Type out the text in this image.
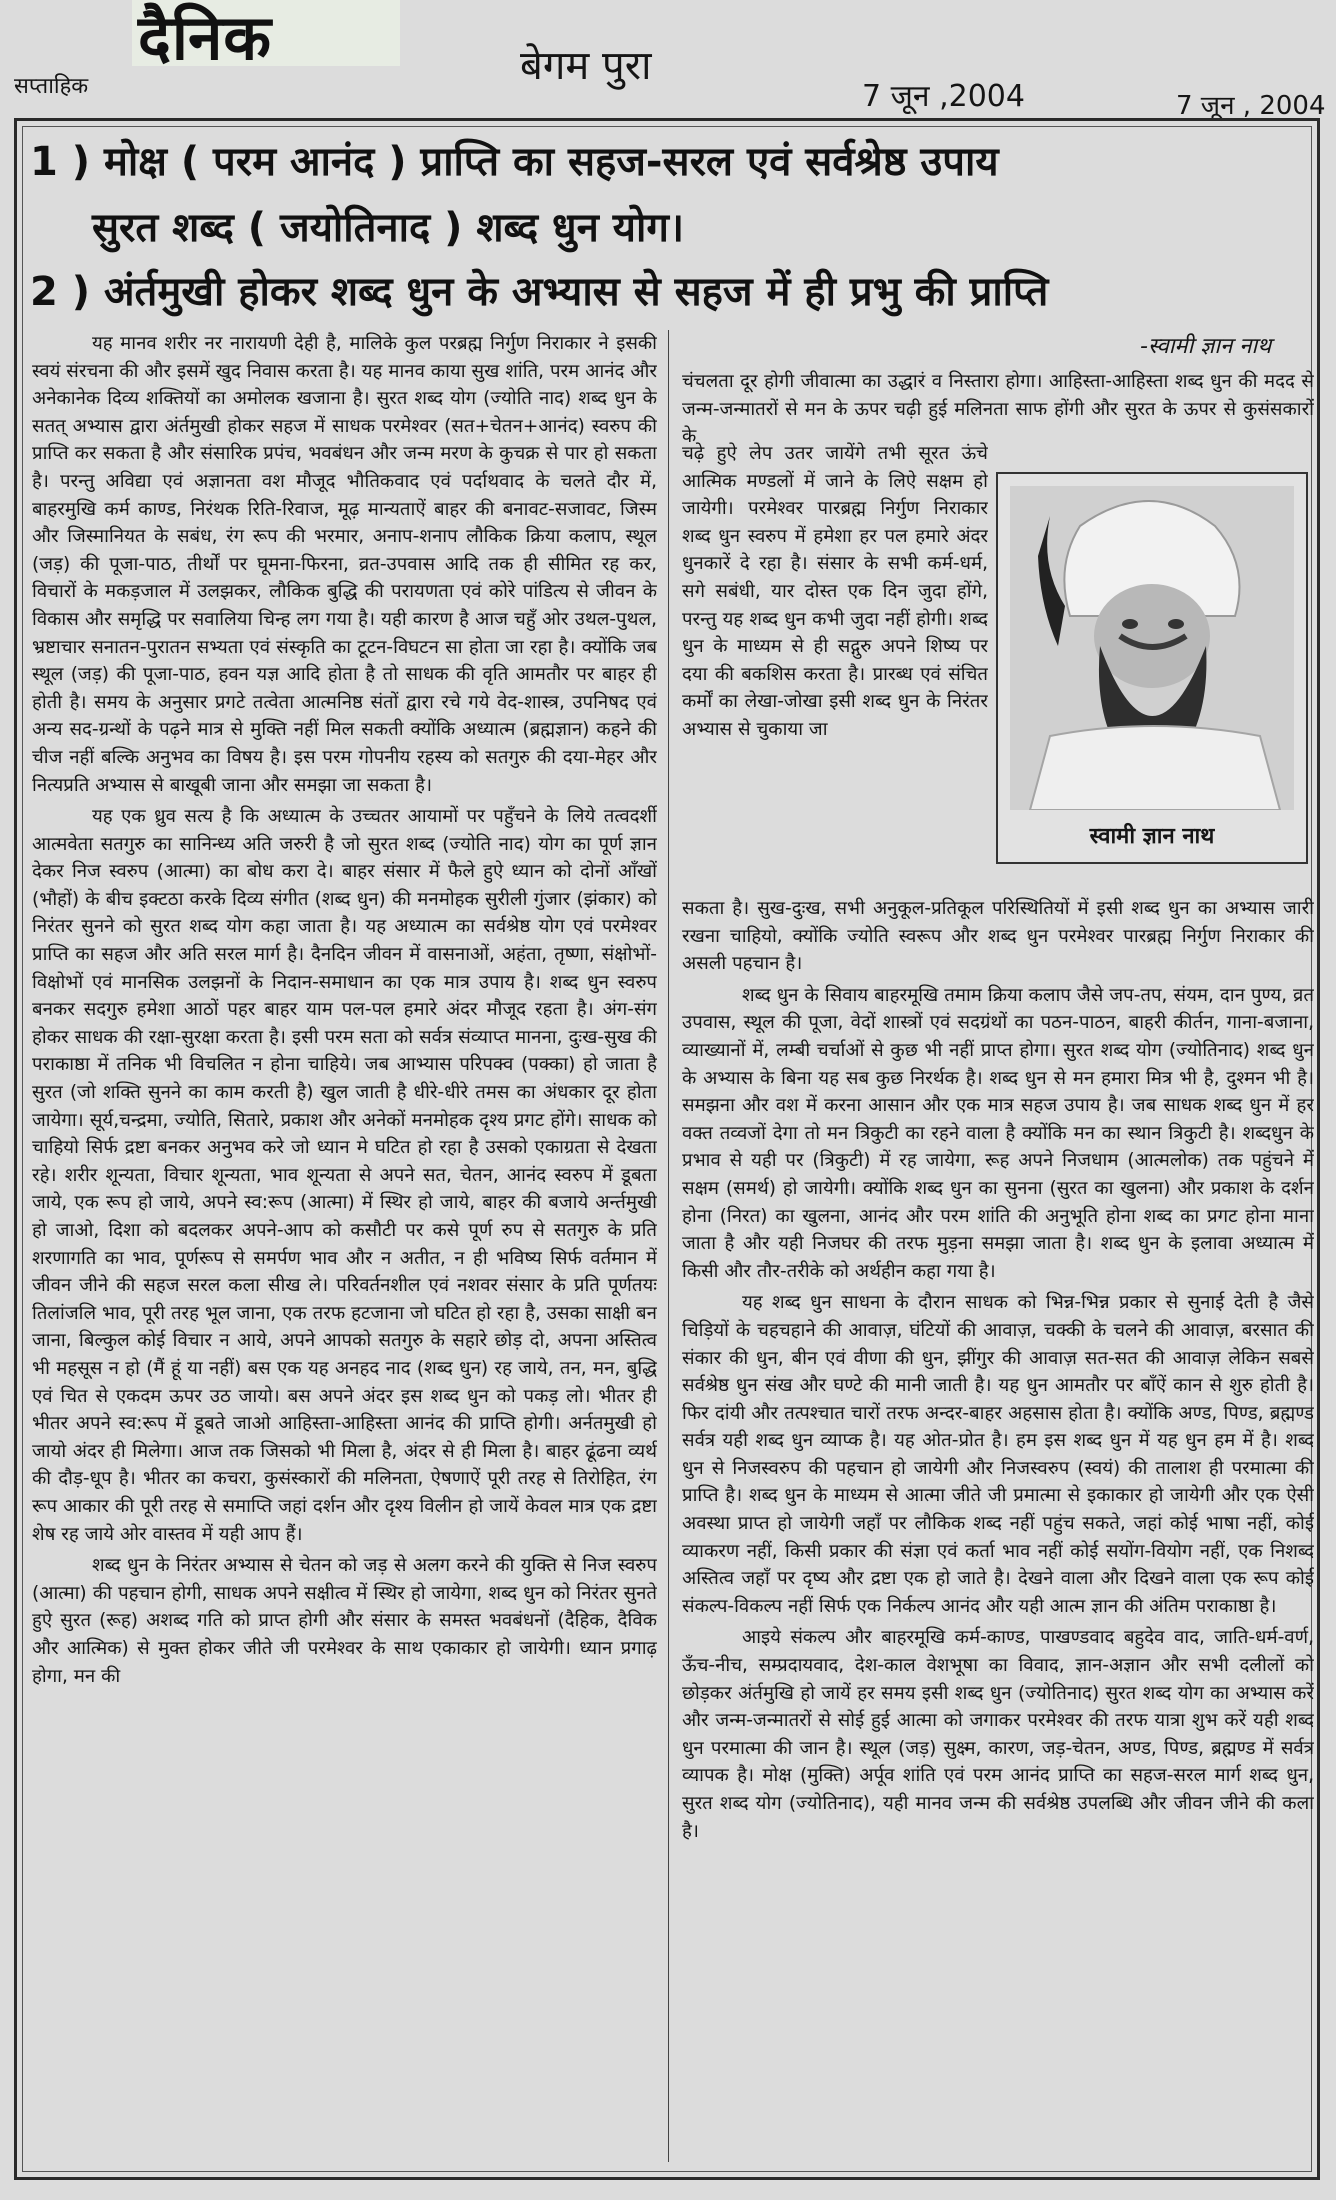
सप्ताहिक
दैनिक	बेगम पुरा
7 जून ,2004	7 जून , 2004
1 ) मोक्ष ( परम आनंद ) प्राप्ति का सहज-सरल एवं सर्वश्रेष्ठ उपाय
सुरत शब्द ( जयोतिनाद ) शब्द धुन योग।
2 ) अंर्तमुखी होकर शब्द धुन के अभ्यास से सहज में ही प्रभु की प्राप्ति
-स्वामी ज्ञान नाथ

यह मानव शरीर नर नारायणी देही है, मालिके कुल परब्रह्म निर्गुण निराकार ने इसकी स्वयं संरचना की और इसमें खुद निवास करता है। यह मानव काया सुख शांति, परम आनंद और अनेकानेक दिव्य शक्तियों का अमोलक खजाना है। सुरत शब्द योग (ज्योति नाद) शब्द धुन के सतत् अभ्यास द्वारा अंर्तमुखी होकर सहज में साधक परमेश्वर (सत+चेतन+आनंद) स्वरुप की प्राप्ति कर सकता है और संसारिक प्रपंच, भवबंधन और जन्म मरण के कुचक्र से पार हो सकता है। परन्तु अविद्या एवं अज्ञानता वश मौजूद भौतिकवाद एवं पर्दाथवाद के चलते दौर में, बाहरमुखि कर्म काण्ड, निरंथक रिति-रिवाज, मूढ़ मान्यताऐं बाहर की बनावट-सजावट, जिस्म और जिस्मानियत के सबंध, रंग रूप की भरमार, अनाप-शनाप लौकिक क्रिया कलाप, स्थूल (जड़) की पूजा-पाठ, तीर्थों पर घूमना-फिरना, व्रत-उपवास आदि तक ही सीमित रह कर, विचारों के मकड़जाल में उलझकर, लौकिक बुद्धि की परायणता एवं कोरे पांडित्य से जीवन के विकास और समृद्धि पर सवालिया चिन्ह लग गया है। यही कारण है आज चहुँ ओर उथल-पुथल, भ्रष्टाचार सनातन-पुरातन सभ्यता एवं संस्कृति का टूटन-विघटन सा होता जा रहा है। क्योंकि जब स्थूल (जड़) की पूजा-पाठ, हवन यज्ञ आदि होता है तो साधक की वृति आमतौर पर बाहर ही होती है। समय के अनुसार प्रगटे तत्वेता आत्मनिष्ठ संतों द्वारा रचे गये वेद-शास्त्र, उपनिषद एवं अन्य सद-ग्रन्थों के पढ़ने मात्र से मुक्ति नहीं मिल सकती क्योंकि अध्यात्म (ब्रह्मज्ञान) कहने की चीज नहीं बल्कि अनुभव का विषय है। इस परम गोपनीय रहस्य को सतगुरु की दया-मेहर और नित्यप्रति अभ्यास से बाखूबी जाना और समझा जा सकता है।

यह एक ध्रुव सत्य है कि अध्यात्म के उच्चतर आयामों पर पहुँचने के लिये तत्वदर्शी आत्मवेता सतगुरु का सानिन्ध्य अति जरुरी है जो सुरत शब्द (ज्योति नाद) योग का पूर्ण ज्ञान देकर निज स्वरुप (आत्मा) का बोध करा दे। बाहर संसार में फैले हुऐ ध्यान को दोनों आँखों (भौहों) के बीच इक्टठा करके दिव्य संगीत (शब्द धुन) की मनमोहक सुरीली गुंजार (झंकार) को निरंतर सुनने को सुरत शब्द योग कहा जाता है। यह अध्यात्म का सर्वश्रेष्ठ योग एवं परमेश्वर प्राप्ति का सहज और अति सरल मार्ग है। दैनदिन जीवन में वासनाओं, अहंता, तृष्णा, संक्षोभों-विक्षोभों एवं मानसिक उलझनों के निदान-समाधान का एक मात्र उपाय है। शब्द धुन स्वरुप बनकर सदगुरु हमेशा आठों पहर बाहर याम पल-पल हमारे अंदर मौजूद रहता है। अंग-संग होकर साधक की रक्षा-सुरक्षा करता है। इसी परम सता को सर्वत्र संव्याप्त मानना, दुःख-सुख की पराकाष्ठा में तनिक भी विचलित न होना चाहिये। जब आभ्यास परिपक्व (पक्का) हो जाता है सुरत (जो शक्ति सुनने का काम करती है) खुल जाती है धीरे-धीरे तमस का अंधकार दूर होता जायेगा। सूर्य,चन्द्रमा, ज्योति, सितारे, प्रकाश और अनेकों मनमोहक दृश्य प्रगट होंगे। साधक को चाहियो सिर्फ द्रष्टा बनकर अनुभव करे जो ध्यान मे घटित हो रहा है उसको एकाग्रता से देखता रहे। शरीर शून्यता, विचार शून्यता, भाव शून्यता से अपने सत, चेतन, आनंद स्वरुप में डूबता जाये, एक रूप हो जाये, अपने स्व:रूप (आत्मा) में स्थिर हो जाये, बाहर की बजाये अर्न्तमुखी हो जाओ, दिशा को बदलकर अपने-आप को कसौटी पर कसे पूर्ण रुप से सतगुरु के प्रति शरणागति का भाव, पूर्णरूप से समर्पण भाव और न अतीत, न ही भविष्य सिर्फ वर्तमान में जीवन जीने की सहज सरल कला सीख ले। परिवर्तनशील एवं नशवर संसार के प्रति पूर्णतयः तिलांजलि भाव, पूरी तरह भूल जाना, एक तरफ हटजाना जो घटित हो रहा है, उसका साक्षी बन जाना, बिल्कुल कोई विचार न आये, अपने आपको सतगुरु के सहारे छोड़ दो, अपना अस्तित्व भी महसूस न हो (मैं हूं या नहीं) बस एक यह अनहद नाद (शब्द धुन) रह जाये, तन, मन, बुद्धि एवं चित से एकदम ऊपर उठ जायो। बस अपने अंदर इस शब्द धुन को पकड़ लो। भीतर ही भीतर अपने स्व:रूप में डूबते जाओ आहिस्ता-आहिस्ता आनंद की प्राप्ति होगी। अर्नतमुखी हो जायो अंदर ही मिलेगा। आज तक जिसको भी मिला है, अंदर से ही मिला है। बाहर ढूंढना व्यर्थ की दौड़-धूप है। भीतर का कचरा, कुसंस्कारों की मलिनता, ऐषणाऐं पूरी तरह से तिरोहित, रंग रूप आकार की पूरी तरह से समाप्ति जहां दर्शन और दृश्य विलीन हो जायें केवल मात्र एक द्रष्टा शेष रह जाये ओर वास्तव में यही आप हैं।

शब्द धुन के निरंतर अभ्यास से चेतन को जड़ से अलग करने की युक्ति से निज स्वरुप (आत्मा) की पहचान होगी, साधक अपने सक्षीत्व में स्थिर हो जायेगा, शब्द धुन को निरंतर सुनते हुऐ सुरत (रूह) अशब्द गति को प्राप्त होगी और संसार के समस्त भवबंधनों (दैहिक, दैविक और आत्मिक) से मुक्त होकर जीते जी परमेश्वर के साथ एकाकार हो जायेगी। ध्यान प्रगाढ़ होगा, मन की

चंचलता दूर होगी जीवात्मा का उद्धारं व निस्तारा होगा। आहिस्ता-आहिस्ता शब्द धुन की मदद से जन्म-जन्मातरों से मन के ऊपर चढ़ी हुई मलिनता साफ होंगी और सुरत के ऊपर से कुसंसकारों के

चढ़े हुऐ लेप उतर जायेंगे तभी सूरत ऊंचे आत्मिक मण्डलों में जाने के लिऐ सक्षम हो जायेगी। परमेश्वर पारब्रह्म निर्गुण निराकार शब्द धुन स्वरुप में हमेशा हर पल हमारे अंदर धुनकारें दे रहा है। संसार के सभी कर्म-धर्म, सगे सबंधी, यार दोस्त एक दिन जुदा होंगे, परन्तु यह शब्द धुन कभी जुदा नहीं होगी। शब्द धुन के माध्यम से ही सद्गुरु अपने शिष्य पर दया की बकशिस करता है। प्रारब्ध एवं संचित कर्मों का लेखा-जोखा इसी शब्द धुन के निरंतर अभ्यास से चुकाया जा

स्वामी ज्ञान नाथ

सकता है। सुख-दुःख, सभी अनुकूल-प्रतिकूल परिस्थितियों में इसी शब्द धुन का अभ्यास जारी रखना चाहियो, क्योंकि ज्योति स्वरूप और शब्द धुन परमेश्वर पारब्रह्म निर्गुण निराकार की असली पहचान है।

शब्द धुन के सिवाय बाहरमूखि तमाम क्रिया कलाप जैसे जप-तप, संयम, दान पुण्य, व्रत उपवास, स्थूल की पूजा, वेदों शास्त्रों एवं सदग्रंथों का पठन-पाठन, बाहरी कीर्तन, गाना-बजाना, व्याख्यानों में, लम्बी चर्चाओं से कुछ भी नहीं प्राप्त होगा। सुरत शब्द योग (ज्योतिनाद) शब्द धुन के अभ्यास के बिना यह सब कुछ निरर्थक है। शब्द धुन से मन हमारा मित्र भी है, दुश्मन भी है। समझना और वश में करना आसान और एक मात्र सहज उपाय है। जब साधक शब्द धुन में हर वक्त तव्वजों देगा तो मन त्रिकुटी का रहने वाला है क्योंकि मन का स्थान त्रिकुटी है। शब्दधुन के प्रभाव से यही पर (त्रिकुटी) में रह जायेगा, रूह अपने निजधाम (आत्मलोक) तक पहुंचने में सक्षम (समर्थ) हो जायेगी। क्योंकि शब्द धुन का सुनना (सुरत का खुलना) और प्रकाश के दर्शन होना (निरत) का खुलना, आनंद और परम शांति की अनुभूति होना शब्द का प्रगट होना माना जाता है और यही निजघर की तरफ मुड़ना समझा जाता है। शब्द धुन के इलावा अध्यात्म में किसी और तौर-तरीके को अर्थहीन कहा गया है।

यह शब्द धुन साधना के दौरान साधक को भिन्न-भिन्न प्रकार से सुनाई देती है जैसे चिड़ियों के चहचहाने की आवाज़, घंटियों की आवाज़, चक्की के चलने की आवाज़, बरसात की संकार की धुन, बीन एवं वीणा की धुन, झींगुर की आवाज़ सत-सत की आवाज़ लेकिन सबसे सर्वश्रेष्ठ धुन संख और घण्टे की मानी जाती है। यह धुन आमतौर पर बाँऐं कान से शुरु होती है। फिर दांयी और तत्पश्चात चारों तरफ अन्दर-बाहर अहसास होता है। क्योंकि अण्ड, पिण्ड, ब्रह्मण्ड सर्वत्र यही शब्द धुन व्याप्क है। यह ओत-प्रोत है। हम इस शब्द धुन में यह धुन हम में है। शब्द धुन से निजस्वरुप की पहचान हो जायेगी और निजस्वरुप (स्वयं) की तालाश ही परमात्मा की प्राप्ति है। शब्द धुन के माध्यम से आत्मा जीते जी प्रमात्मा से इकाकार हो जायेगी और एक ऐसी अवस्था प्राप्त हो जायेगी जहाँ पर लौकिक शब्द नहीं पहुंच सकते, जहां कोई भाषा नहीं, कोई व्याकरण नहीं, किसी प्रकार की संज्ञा एवं कर्ता भाव नहीं कोई सयोंग-वियोग नहीं, एक निशब्द अस्तित्व जहाँ पर दृष्य और द्रष्टा एक हो जाते है। देखने वाला और दिखने वाला एक रूप कोई संकल्प-विकल्प नहीं सिर्फ एक निर्कल्प आनंद और यही आत्म ज्ञान की अंतिम पराकाष्ठा है।

आइये संकल्प और बाहरमूखि कर्म-काण्ड, पाखण्डवाद बहुदेव वाद, जाति-धर्म-वर्ण, ऊँच-नीच, सम्प्रदायवाद, देश-काल वेशभूषा का विवाद, ज्ञान-अज्ञान और सभी दलीलों को छोड़कर अंर्तमुखि हो जायें हर समय इसी शब्द धुन (ज्योतिनाद) सुरत शब्द योग का अभ्यास करें और जन्म-जन्मातरों से सोई हुई आत्मा को जगाकर परमेश्वर की तरफ यात्रा शुभ करें यही शब्द धुन परमात्मा की जान है। स्थूल (जड़) सुक्ष्म, कारण, जड़-चेतन, अण्ड, पिण्ड, ब्रह्मण्ड में सर्वत्र व्यापक है। मोक्ष (मुक्ति) अर्पूव शांति एवं परम आनंद प्राप्ति का सहज-सरल मार्ग शब्द धुन, सुरत शब्द योग (ज्योतिनाद), यही मानव जन्म की सर्वश्रेष्ठ उपलब्धि और जीवन जीने की कला है।
